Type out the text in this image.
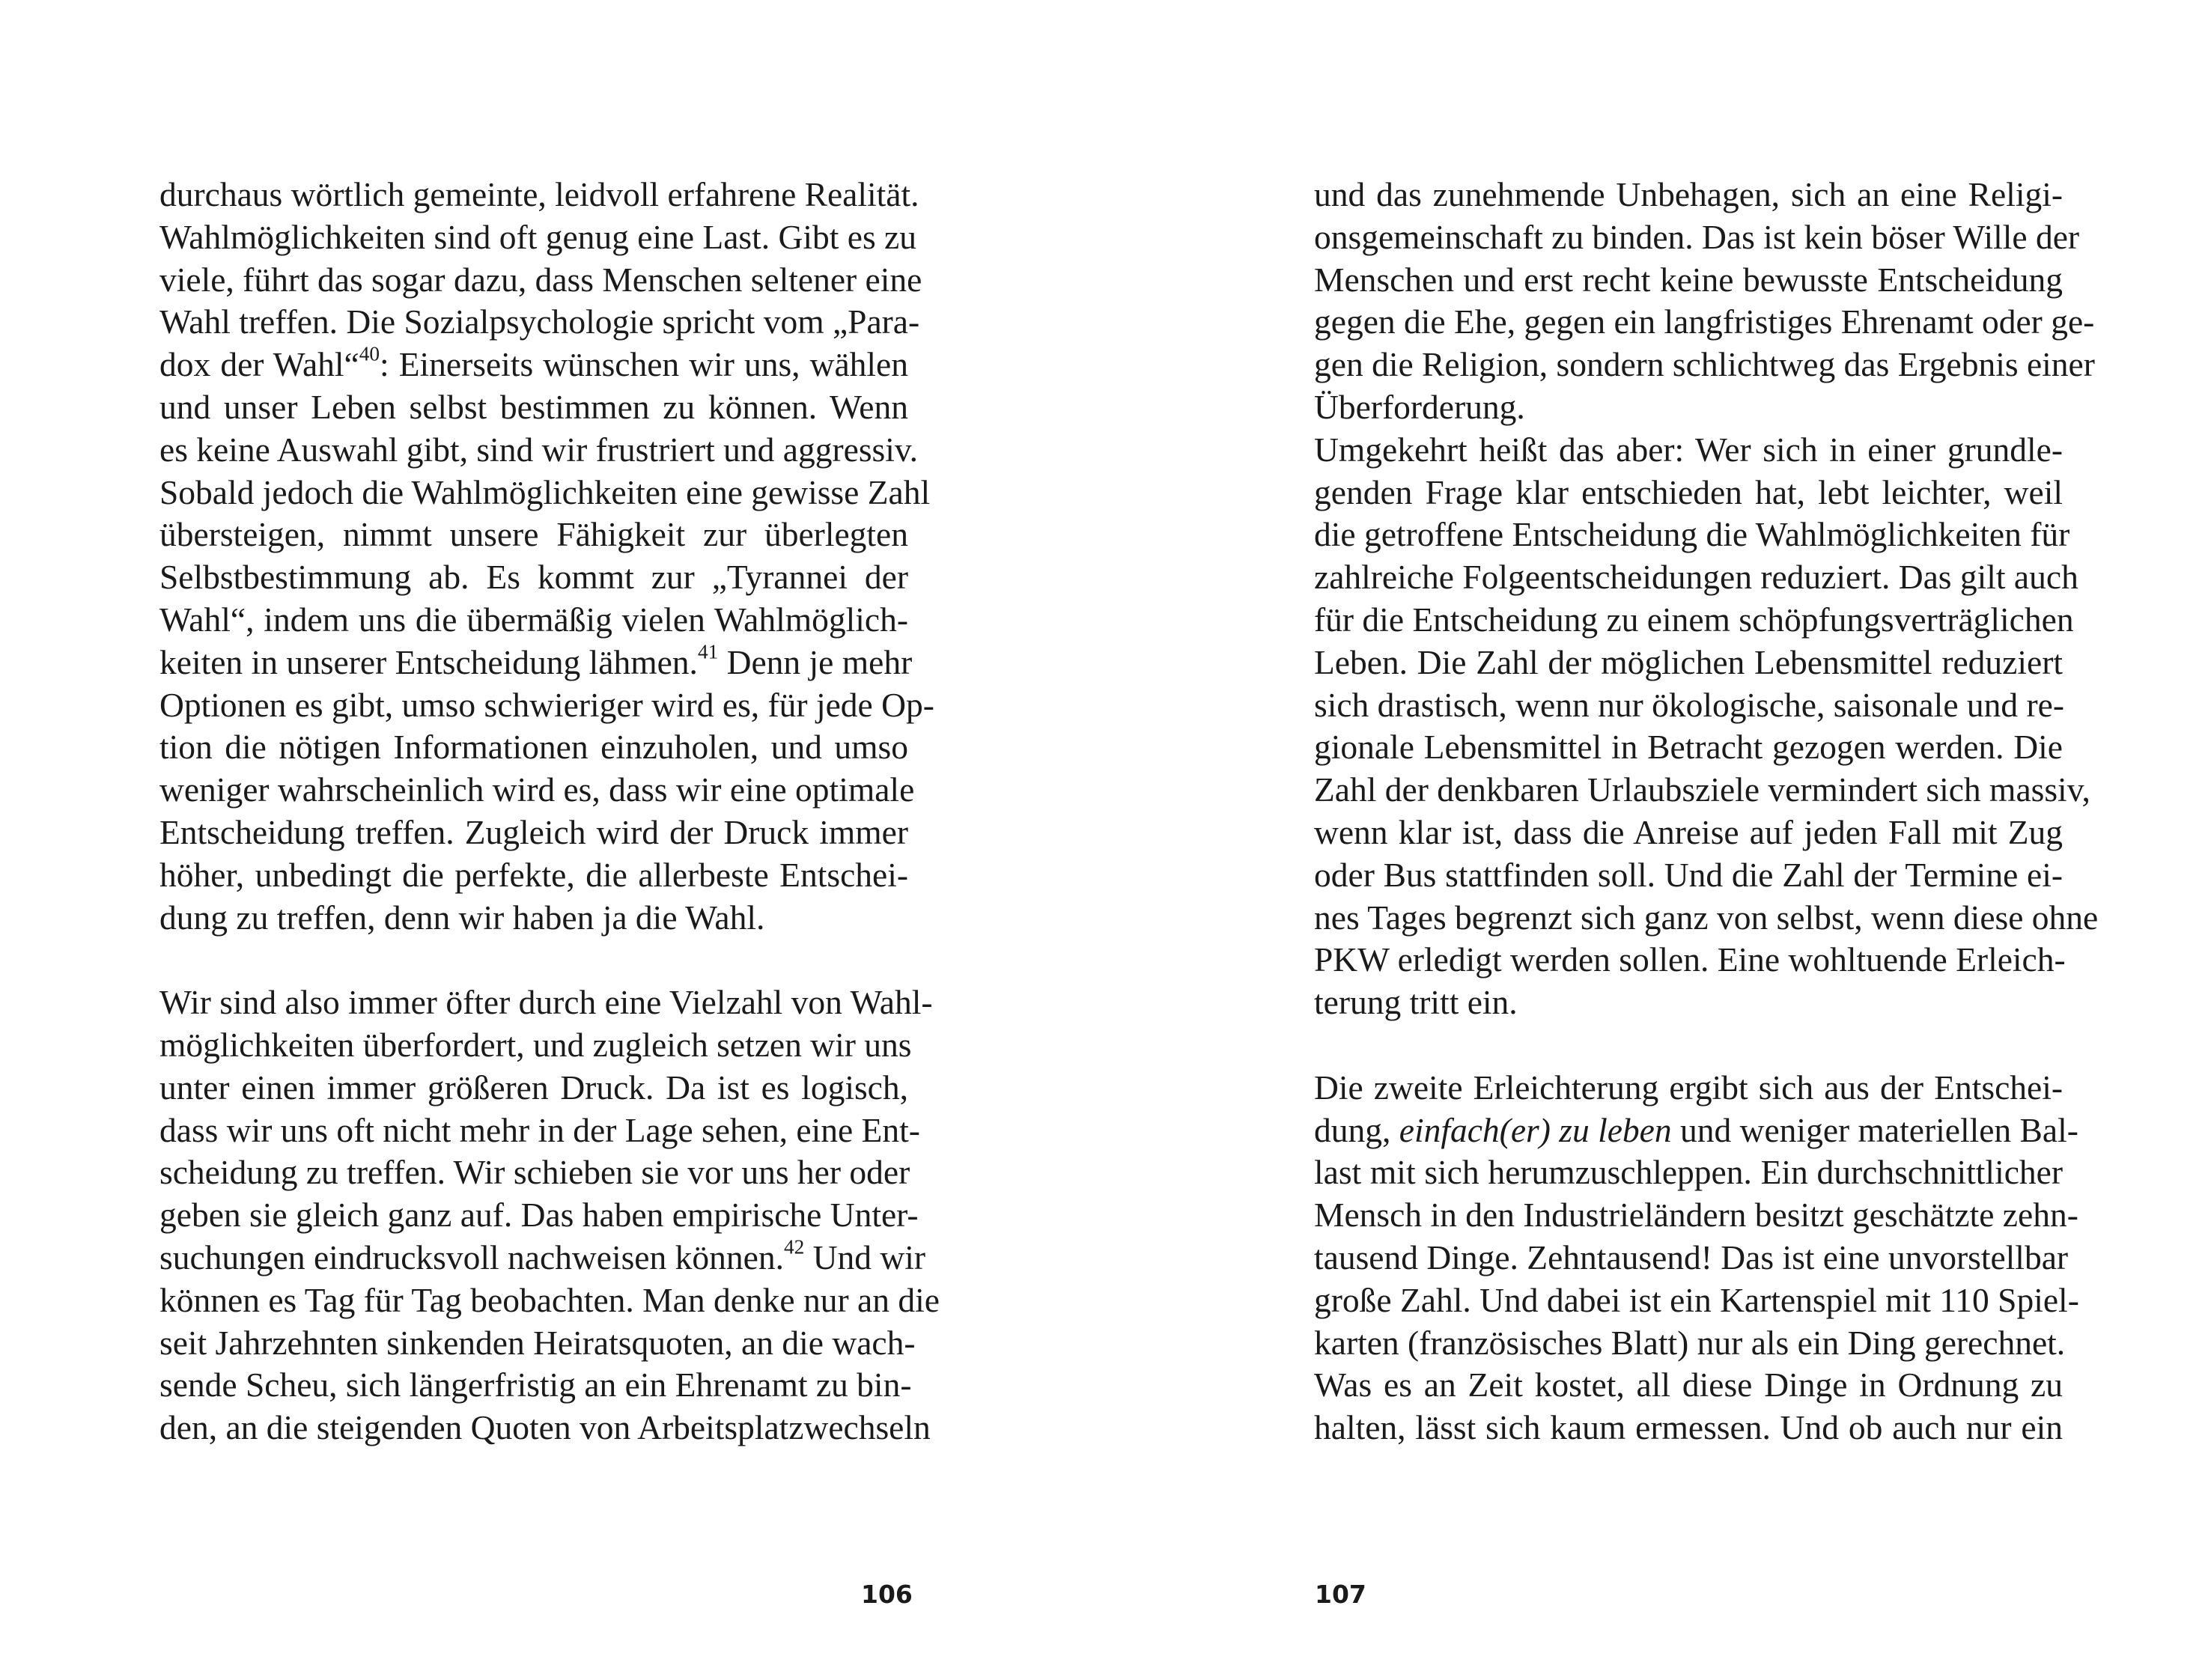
durchaus wörtlich gemeinte, leidvoll erfahrene Realität.
Wahlmöglichkeiten sind oft genug eine Last. Gibt es zu
viele, führt das sogar dazu, dass Menschen seltener eine
Wahl treffen. Die Sozialpsychologie spricht vom „Para-
dox der Wahl“$^{40}$: Einerseits wünschen wir uns, wählen
und unser Leben selbst bestimmen zu können. Wenn
es keine Auswahl gibt, sind wir frustriert und aggressiv.
Sobald jedoch die Wahlmöglichkeiten eine gewisse Zahl
übersteigen, nimmt unsere Fähigkeit zur überlegten
Selbstbestimmung ab. Es kommt zur „Tyrannei der
Wahl“, indem uns die übermäßig vielen Wahlmöglich-
keiten in unserer Entscheidung lähmen.$^{41}$ Denn je mehr
Optionen es gibt, umso schwieriger wird es, für jede Op-
tion die nötigen Informationen einzuholen, und umso
weniger wahrscheinlich wird es, dass wir eine optimale
Entscheidung treffen. Zugleich wird der Druck immer
höher, unbedingt die perfekte, die allerbeste Entschei-
dung zu treffen, denn wir haben ja die Wahl.
Wir sind also immer öfter durch eine Vielzahl von Wahl-
möglichkeiten überfordert, und zugleich setzen wir uns
unter einen immer größeren Druck. Da ist es logisch,
dass wir uns oft nicht mehr in der Lage sehen, eine Ent-
scheidung zu treffen. Wir schieben sie vor uns her oder
geben sie gleich ganz auf. Das haben empirische Unter-
suchungen eindrucksvoll nachweisen können.$^{42}$ Und wir
können es Tag für Tag beobachten. Man denke nur an die
seit Jahrzehnten sinkenden Heiratsquoten, an die wach-
sende Scheu, sich längerfristig an ein Ehrenamt zu bin-
den, an die steigenden Quoten von Arbeitsplatzwechseln
106
und das zunehmende Unbehagen, sich an eine Religi-
onsgemeinschaft zu binden. Das ist kein böser Wille der
Menschen und erst recht keine bewusste Entscheidung
gegen die Ehe, gegen ein langfristiges Ehrenamt oder ge-
gen die Religion, sondern schlichtweg das Ergebnis einer
Überforderung.
Umgekehrt heißt das aber: Wer sich in einer grundle-
genden Frage klar entschieden hat, lebt leichter, weil
die getroffene Entscheidung die Wahlmöglichkeiten für
zahlreiche Folgeentscheidungen reduziert. Das gilt auch
für die Entscheidung zu einem schöpfungsverträglichen
Leben. Die Zahl der möglichen Lebensmittel reduziert
sich drastisch, wenn nur ökologische, saisonale und re-
gionale Lebensmittel in Betracht gezogen werden. Die
Zahl der denkbaren Urlaubsziele vermindert sich massiv,
wenn klar ist, dass die Anreise auf jeden Fall mit Zug
oder Bus stattfinden soll. Und die Zahl der Termine ei-
nes Tages begrenzt sich ganz von selbst, wenn diese ohne
PKW erledigt werden sollen. Eine wohltuende Erleich-
terung tritt ein.
Die zweite Erleichterung ergibt sich aus der Entschei-
dung, einfach(er) zu leben und weniger materiellen Bal-
last mit sich herumzuschleppen. Ein durchschnittlicher
Mensch in den Industrieländern besitzt geschätzte zehn-
tausend Dinge. Zehntausend! Das ist eine unvorstellbar
große Zahl. Und dabei ist ein Kartenspiel mit 110 Spiel-
karten (französisches Blatt) nur als ein Ding gerechnet.
Was es an Zeit kostet, all diese Dinge in Ordnung zu
halten, lässt sich kaum ermessen. Und ob auch nur ein
107
